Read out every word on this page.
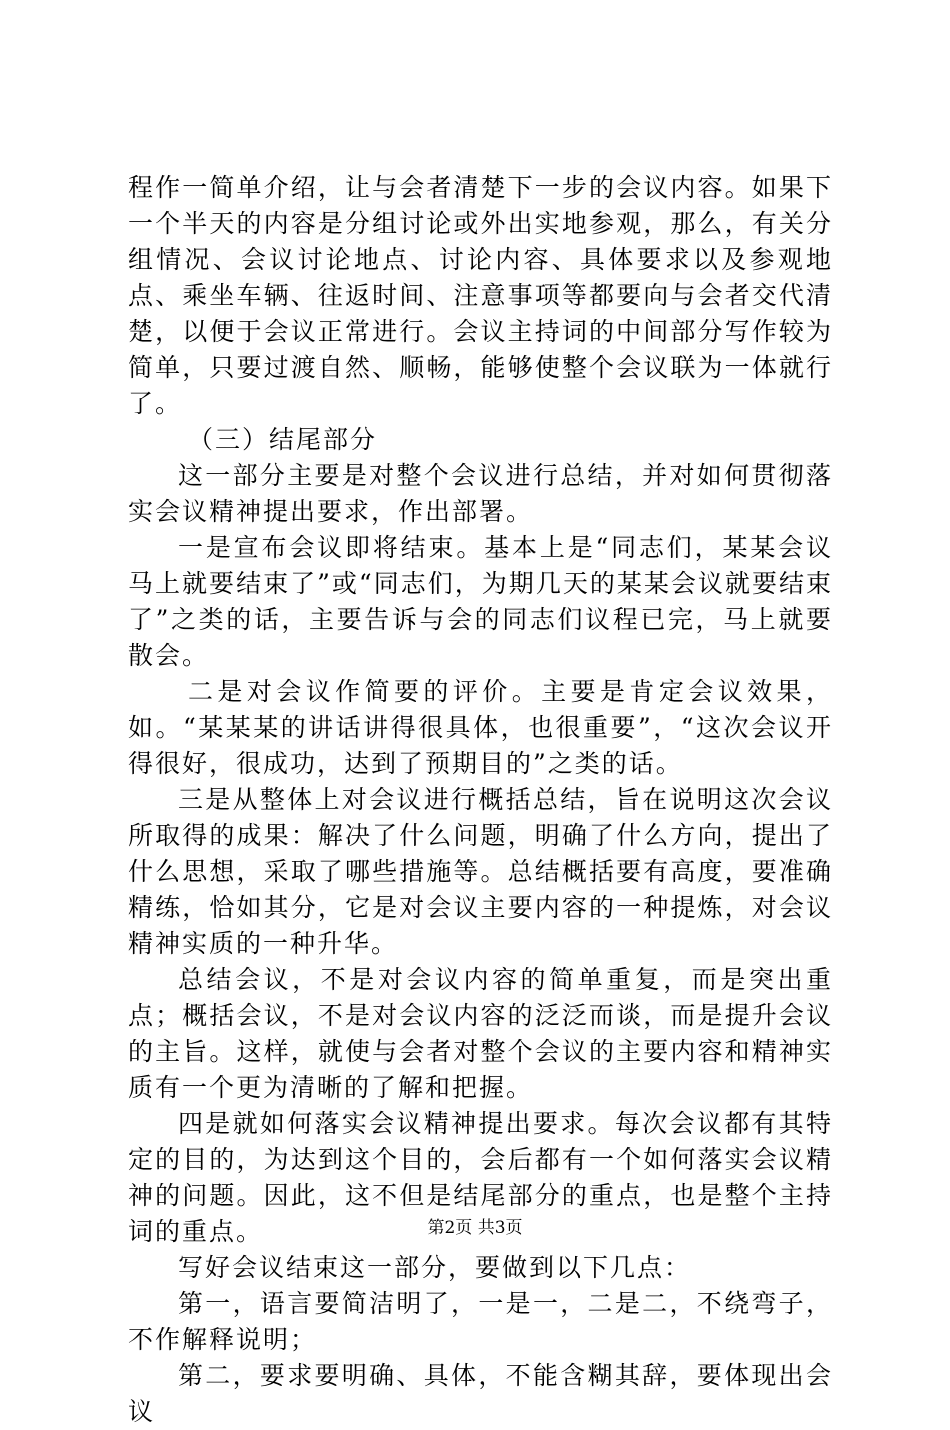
程作一简单介绍，让与会者清楚下一步的会议内容。如果下一个半天的内容是分组讨论或外出实地参观，那么，有关分组情况、会议讨论地点、讨论内容、具体要求以及参观地点、乘坐车辆、往返时间、注意事项等都要向与会者交代清楚，以便于会议正常进行。会议主持词的中间部分写作较为简单，只要过渡自然、顺畅，能够使整个会议联为一体就行了。

（三）结尾部分

这一部分主要是对整个会议进行总结，并对如何贯彻落实会议精神提出要求，作出部署。

一是宣布会议即将结束。基本上是“同志们，某某会议马上就要结束了”或“同志们，为期几天的某某会议就要结束了”之类的话，主要告诉与会的同志们议程已完，马上就要散会。

二是对会议作简要的评价。主要是肯定会议效果，如。“某某某的讲话讲得很具体，也很重要”，“这次会议开得很好，很成功，达到了预期目的”之类的话。

三是从整体上对会议进行概括总结，旨在说明这次会议所取得的成果：解决了什么问题，明确了什么方向，提出了什么思想，采取了哪些措施等。总结概括要有高度，要准确精练，恰如其分，它是对会议主要内容的一种提炼，对会议精神实质的一种升华。

总结会议，不是对会议内容的简单重复，而是突出重点；概括会议，不是对会议内容的泛泛而谈，而是提升会议的主旨。这样，就使与会者对整个会议的主要内容和精神实质有一个更为清晰的了解和把握。

四是就如何落实会议精神提出要求。每次会议都有其特定的目的，为达到这个目的，会后都有一个如何落实会议精神的问题。因此，这不但是结尾部分的重点，也是整个主持词的重点。

写好会议结束这一部分，要做到以下几点：

第一，语言要简洁明了，一是一，二是二，不绕弯子，不作解释说明；

第二，要求要明确、具体，不能含糊其辞，要体现出会议

第2页 共3页
